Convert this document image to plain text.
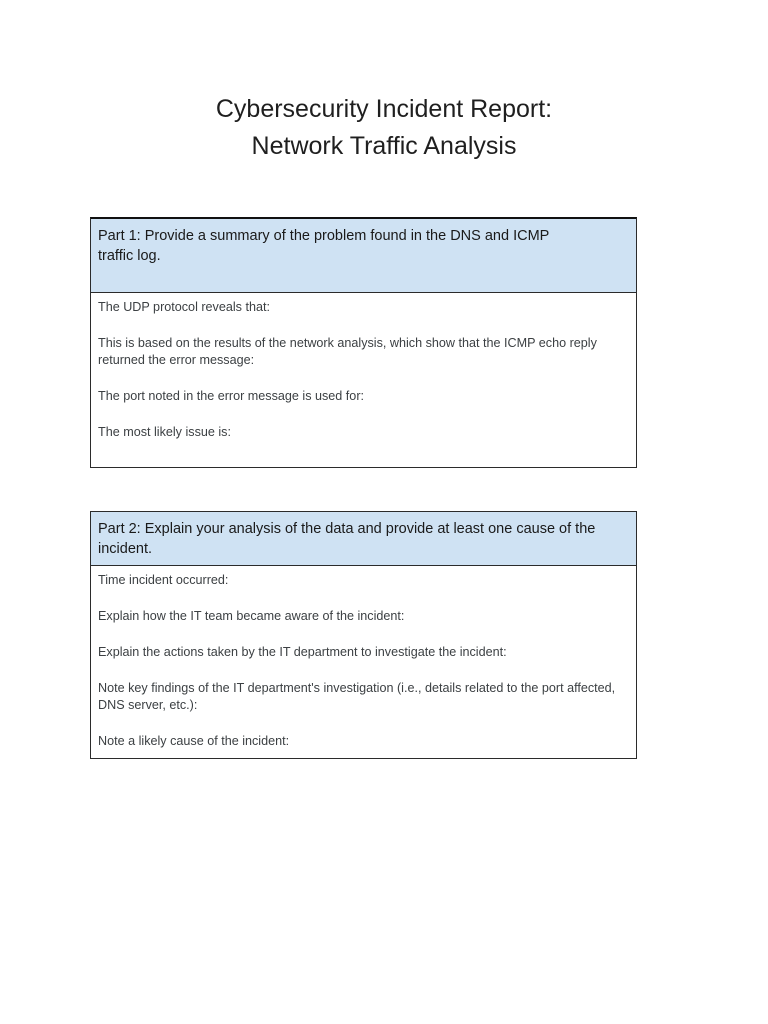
Cybersecurity Incident Report:
Network Traffic Analysis
Part 1: Provide a summary of the problem found in the DNS and ICMP traffic log.

The UDP protocol reveals that:

This is based on the results of the network analysis, which show that the ICMP echo reply returned the error message:

The port noted in the error message is used for:

The most likely issue is:

Part 2: Explain your analysis of the data and provide at least one cause of the incident.

Time incident occurred:

Explain how the IT team became aware of the incident:

Explain the actions taken by the IT department to investigate the incident:

Note key findings of the IT department's investigation (i.e., details related to the port affected, DNS server, etc.):

Note a likely cause of the incident:
